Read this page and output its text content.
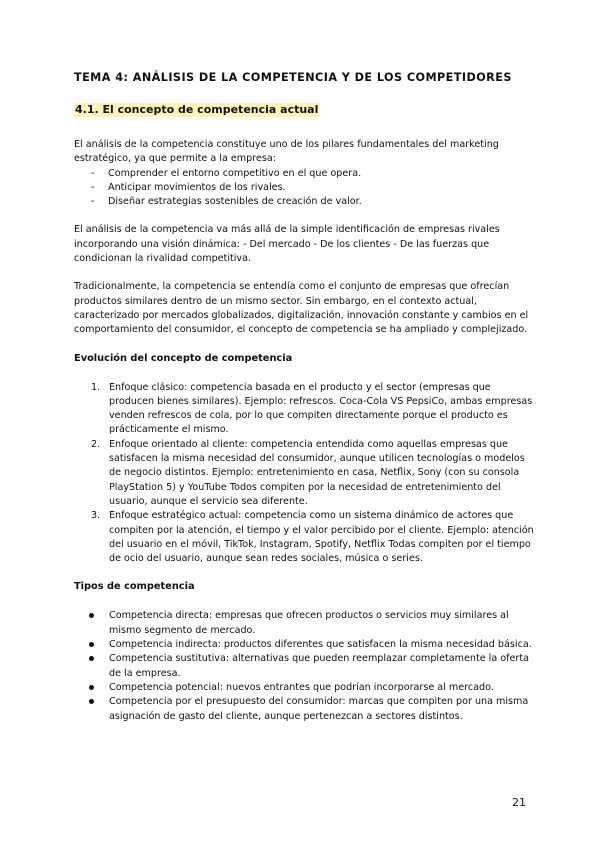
TEMA 4: ANÁLISIS DE LA COMPETENCIA Y DE LOS COMPETIDORES
4.1. El concepto de competencia actual

El análisis de la competencia constituye uno de los pilares fundamentales del marketing estratégico, ya que permite a la empresa:

- Comprender el entorno competitivo en el que opera.
- Anticipar movimientos de los rivales.
- Diseñar estrategias sostenibles de creación de valor.

El análisis de la competencia va más allá de la simple identificación de empresas rivales incorporando una visión dinámica: - Del mercado - De los clientes - De las fuerzas que condicionan la rivalidad competitiva.

Tradicionalmente, la competencia se entendía como el conjunto de empresas que ofrecían productos similares dentro de un mismo sector. Sin embargo, en el contexto actual, caracterizado por mercados globalizados, digitalización, innovación constante y cambios en el comportamiento del consumidor, el concepto de competencia se ha ampliado y complejizado.

Evolución del concepto de competencia
1. Enfoque clásico: competencia basada en el producto y el sector (empresas que producen bienes similares). Ejemplo: refrescos. Coca-Cola VS PepsiCo, ambas empresas venden refrescos de cola, por lo que compiten directamente porque el producto es prácticamente el mismo.
2. Enfoque orientado al cliente: competencia entendida como aquellas empresas que satisfacen la misma necesidad del consumidor, aunque utilicen tecnologías o modelos de negocio distintos. Ejemplo: entretenimiento en casa, Netflix, Sony (con su consola PlayStation 5) y YouTube Todos compiten por la necesidad de entretenimiento del usuario, aunque el servicio sea diferente.
3. Enfoque estratégico actual: competencia como un sistema dinámico de actores que compiten por la atención, el tiempo y el valor percibido por el cliente. Ejemplo: atención del usuario en el móvil, TikTok, Instagram, Spotify, Netflix Todas compiten por el tiempo de ocio del usuario, aunque sean redes sociales, música o series.
Tipos de competencia
Competencia directa: empresas que ofrecen productos o servicios muy similares al mismo segmento de mercado.
Competencia indirecta: productos diferentes que satisfacen la misma necesidad básica.
Competencia sustitutiva: alternativas que pueden reemplazar completamente la oferta de la empresa.
Competencia potencial: nuevos entrantes que podrían incorporarse al mercado.
Competencia por el presupuesto del consumidor: marcas que compiten por una misma asignación de gasto del cliente, aunque pertenezcan a sectores distintos.
21
